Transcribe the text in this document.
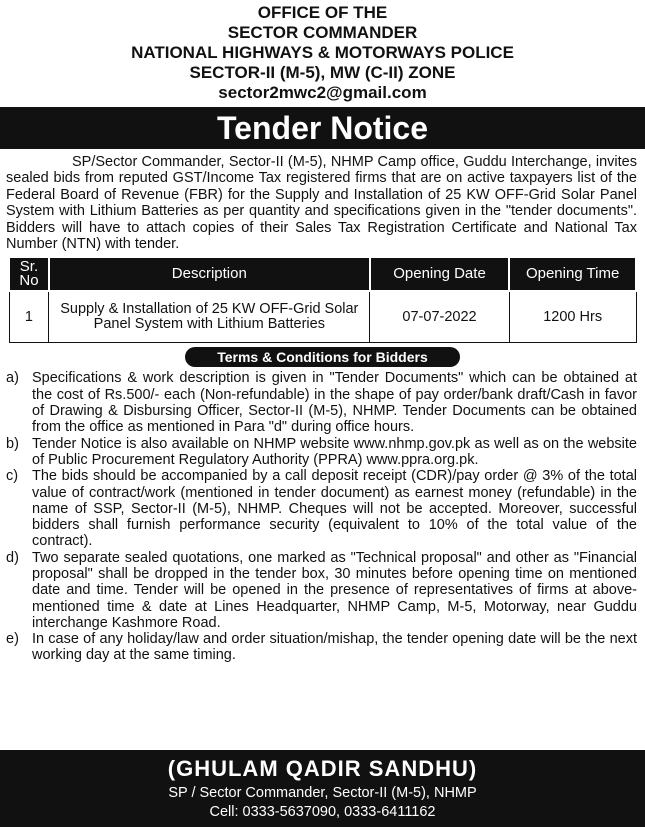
OFFICE OF THE
SECTOR COMMANDER
NATIONAL HIGHWAYS & MOTORWAYS POLICE
SECTOR-II (M-5), MW (C-II) ZONE
sector2mwc2@gmail.com
Tender Notice

SP/Sector Commander, Sector-II (M-5), NHMP Camp office, Guddu Interchange, invites sealed bids from reputed GST/Income Tax registered firms that are on active taxpayers list of the Federal Board of Revenue (FBR) for the Supply and Installation of 25 KW OFF-Grid Solar Panel System with Lithium Batteries as per quantity and specifications given in the "tender documents". Bidders will have to attach copies of their Sales Tax Registration Certificate and National Tax Number (NTN) with tender.

Sr. No	Description	Opening Date	Opening Time
1	Supply & Installation of 25 KW OFF-Grid Solar Panel System with Lithium Batteries	07-07-2022	1200 Hrs
Terms & Conditions for Bidders
a) Specifications & work description is given in "Tender Documents" which can be obtained at the cost of Rs.500/- each (Non-refundable) in the shape of pay order/bank draft/Cash in favor of Drawing & Disbursing Officer, Sector-II (M-5), NHMP. Tender Documents can be obtained from the office as mentioned in Para "d" during office hours.
b) Tender Notice is also available on NHMP website www.nhmp.gov.pk as well as on the website of Public Procurement Regulatory Authority (PPRA) www.ppra.org.pk.
c) The bids should be accompanied by a call deposit receipt (CDR)/pay order @ 3% of the total value of contract/work (mentioned in tender document) as earnest money (refundable) in the name of SSP, Sector-II (M-5), NHMP. Cheques will not be accepted. Moreover, successful bidders shall furnish performance security (equivalent to 10% of the total value of the contract).
d) Two separate sealed quotations, one marked as "Technical proposal" and other as "Financial proposal" shall be dropped in the tender box, 30 minutes before opening time on mentioned date and time. Tender will be opened in the presence of representatives of firms at above- mentioned time & date at Lines Headquarter, NHMP Camp, M-5, Motorway, near Guddu interchange Kashmore Road.
e) In case of any holiday/law and order situation/mishap, the tender opening date will be the next working day at the same timing.
(GHULAM QADIR SANDHU)
SP / Sector Commander, Sector-II (M-5), NHMP
Cell: 0333-5637090, 0333-6411162
